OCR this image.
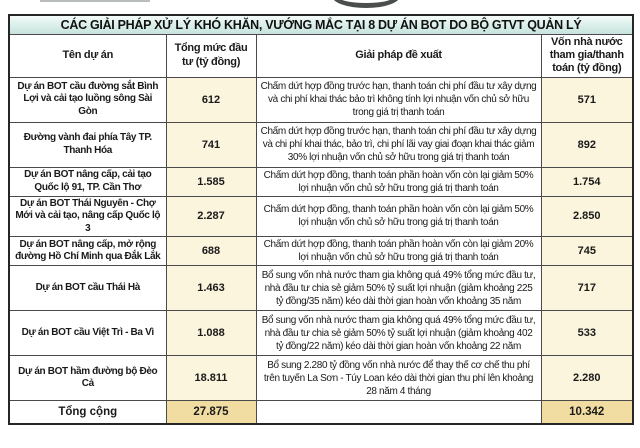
CÁC GIẢI PHÁP XỬ LÝ KHÓ KHĂN, VƯỚNG MẮC TẠI 8 DỰ ÁN BOT DO BỘ GTVT QUẢN LÝ			
Tên dự án	Tổng mức đầu tư (tỷ đồng)	Giải pháp đề xuất	Vốn nhà nước tham gia/thanh toán (tỷ đồng)
Dự án BOT cầu đường sắt Bình Lợi và cải tạo luồng sông Sài Gòn	612	Chấm dứt hợp đồng trước hạn, thanh toán chi phí đầu tư xây dựng và chi phí khai thác bảo trì không tính lợi nhuận vốn chủ sở hữu trong giá trị thanh toán	571
Đường vành đai phía Tây TP. Thanh Hóa	741	Chấm dứt hợp đồng trước hạn, thanh toán chi phí đầu tư xây dựng và chi phí khai thác, bảo trì, chi phí lãi vay giai đoạn khai thác giảm 30% lợi nhuận vốn chủ sở hữu trong giá trị thanh toán	892
Dự án BOT nâng cấp, cải tạo Quốc lộ 91, TP. Cần Thơ	1.585	Chấm dứt hợp đồng, thanh toán phần hoàn vốn còn lại giảm 50% lợi nhuận vốn chủ sở hữu trong giá trị thanh toán	1.754
Dự án BOT Thái Nguyên - Chợ Mới và cải tạo, nâng cấp Quốc lộ 3	2.287	Chấm dứt hợp đồng, thanh toán phần hoàn vốn còn lại giảm 50% lợi nhuận vốn chủ sở hữu trong giá trị thanh toán	2.850
Dự án BOT nâng cấp, mở rộng đường Hồ Chí Minh qua Đắk Lắk	688	Chấm dứt hợp đồng, thanh toán phần hoàn vốn còn lại giảm 20% lợi nhuận vốn chủ sở hữu trong giá trị thanh toán	745
Dự án BOT cầu Thái Hà	1.463	Bổ sung vốn nhà nước tham gia không quá 49% tổng mức đầu tư, nhà đầu tư chia sẻ giảm 50% tỷ suất lợi nhuận (giảm khoảng 225 tỷ đồng/35 năm) kéo dài thời gian hoàn vốn khoảng 35 năm	717
Dự án BOT cầu Việt Trì - Ba Vì	1.088	Bổ sung vốn nhà nước tham gia không quá 49% tổng mức đầu tư, nhà đầu tư chia sẻ giảm 50% tỷ suất lợi nhuận (giảm khoảng 402 tỷ đồng/22 năm) kéo dài thời gian hoàn vốn khoảng 22 năm	533
Dự án BOT hầm đường bộ Đèo Cả	18.811	Bổ sung 2.280 tỷ đồng vốn nhà nước để thay thế cơ chế thu phí trên tuyến La Sơn - Túy Loan kéo dài thời gian thu phí lên khoảng 28 năm 4 tháng	2.280
Tổng cộng	27.875		10.342
